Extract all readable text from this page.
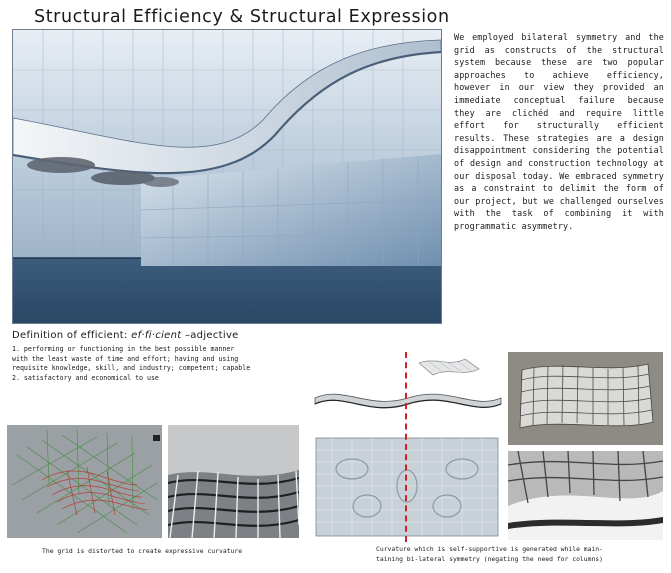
Structural Efficiency & Structural Expression
We employed bilateral symmetry and the grid as constructs of the structural system because these are two popular approaches to achieve efficiency, however in our view they provided an immediate conceptual failure because they are clichéd and require little effort for structurally efficient results. These strategies are a design disappointment considering the potential of design and construction technology at our disposal today. We embraced symmetry as a constraint to delimit the form of our project, but we challenged ourselves with the task of combining it with programmatic asymmetry.
Definition of efficient: ef·fi·cient –adjective
1. performing or functioning in the best possible manner
with the least waste of time and effort; having and using
requisite knowledge, skill, and industry; competent; capable
2. satisfactory and economical to use
The grid is distorted to create expressive curvature	Curvature which is self-supportive is generated while main-
taining bi-lateral symmetry (negating the need for columns)
